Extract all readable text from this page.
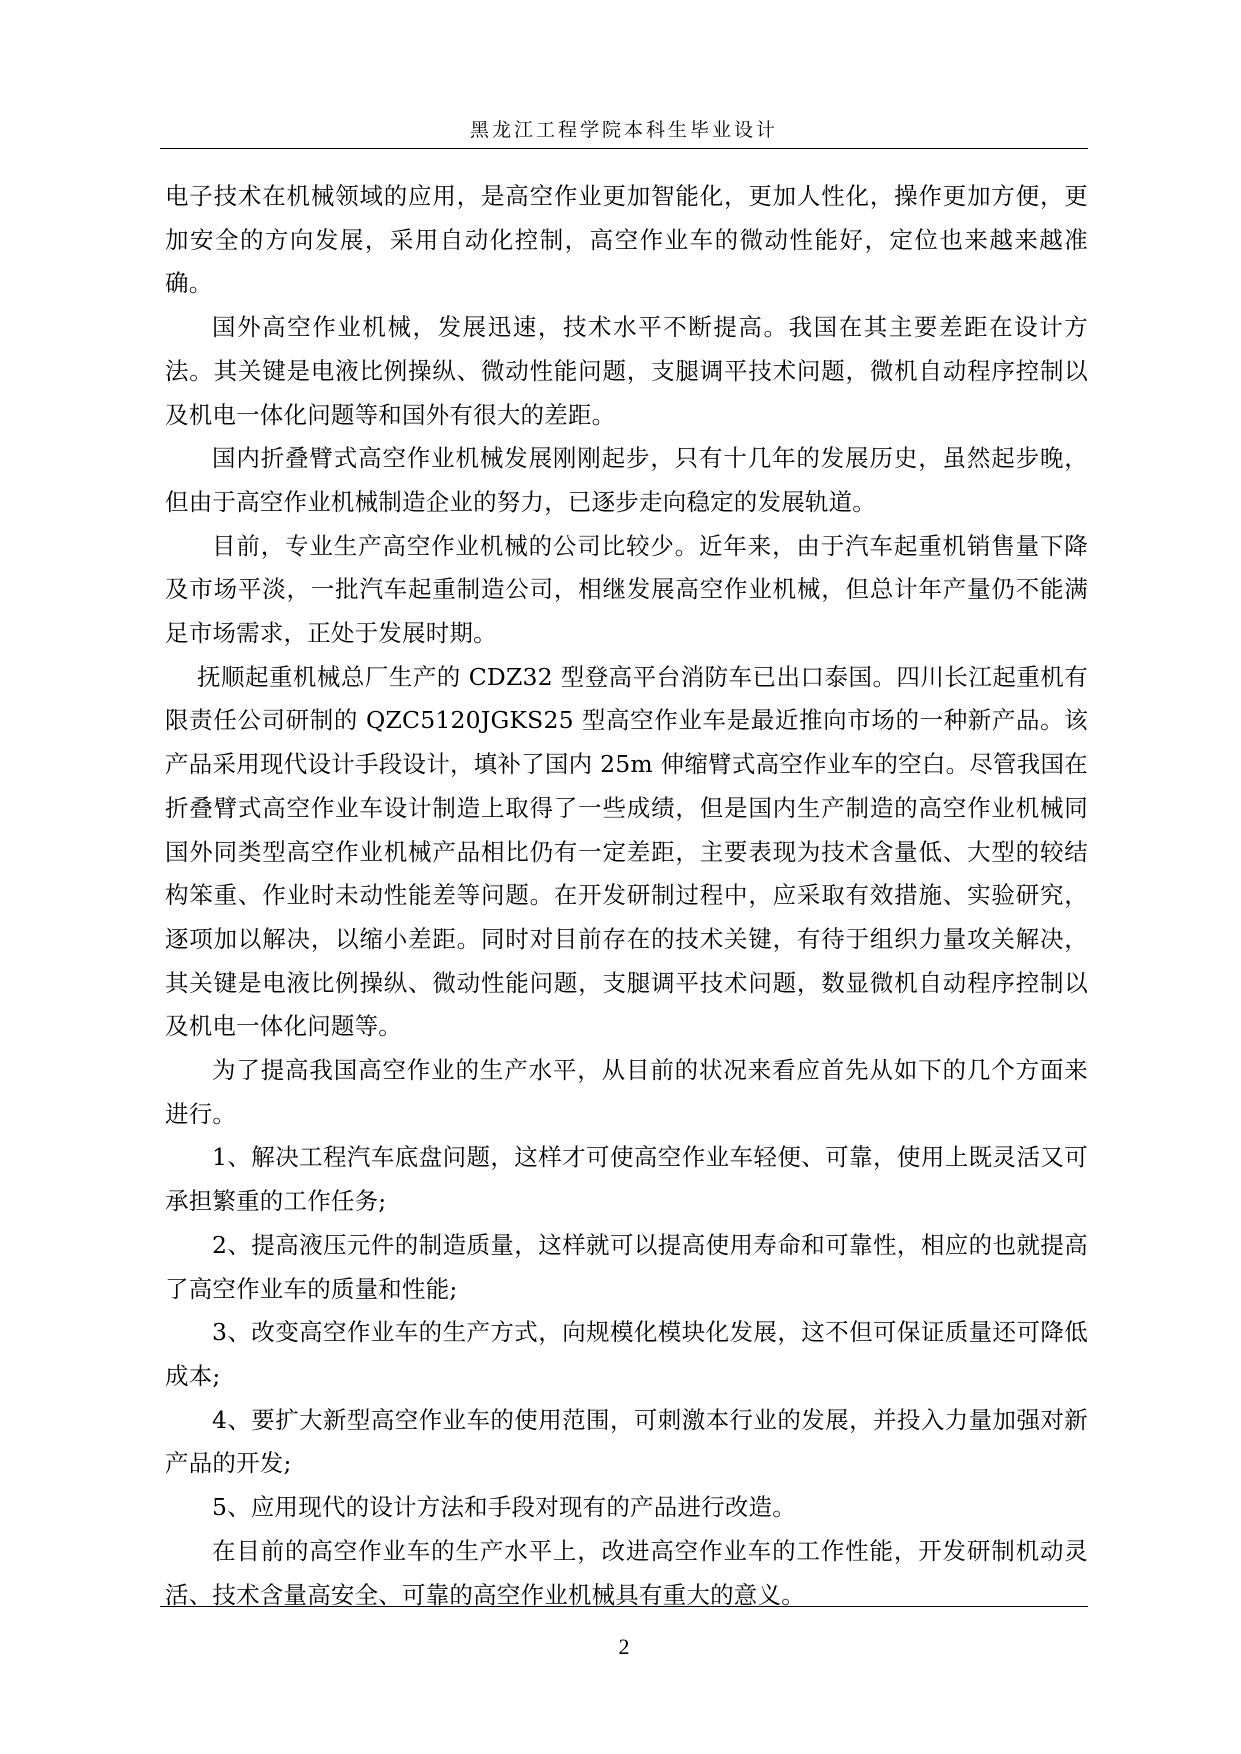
黑龙江工程学院本科生毕业设计

电子技术在机械领域的应用，是高空作业更加智能化，更加人性化，操作更加方便，更加安全的方向发展，采用自动化控制，高空作业车的微动性能好，定位也来越来越准确。

国外高空作业机械，发展迅速，技术水平不断提高。我国在其主要差距在设计方法。其关键是电液比例操纵、微动性能问题，支腿调平技术问题，微机自动程序控制以及机电一体化问题等和国外有很大的差距。

国内折叠臂式高空作业机械发展刚刚起步，只有十几年的发展历史，虽然起步晚，但由于高空作业机械制造企业的努力，已逐步走向稳定的发展轨道。

目前，专业生产高空作业机械的公司比较少。近年来，由于汽车起重机销售量下降及市场平淡，一批汽车起重制造公司，相继发展高空作业机械，但总计年产量仍不能满足市场需求，正处于发展时期。

抚顺起重机械总厂生产的 CDZ32 型登高平台消防车已出口泰国。四川长江起重机有限责任公司研制的 QZC5120JGKS25 型高空作业车是最近推向市场的一种新产品。该产品采用现代设计手段设计，填补了国内 25m 伸缩臂式高空作业车的空白。尽管我国在折叠臂式高空作业车设计制造上取得了一些成绩，但是国内生产制造的高空作业机械同国外同类型高空作业机械产品相比仍有一定差距，主要表现为技术含量低、大型的较结构笨重、作业时未动性能差等问题。在开发研制过程中，应采取有效措施、实验研究，逐项加以解决，以缩小差距。同时对目前存在的技术关键，有待于组织力量攻关解决，其关键是电液比例操纵、微动性能问题，支腿调平技术问题，数显微机自动程序控制以及机电一体化问题等。

为了提高我国高空作业的生产水平，从目前的状况来看应首先从如下的几个方面来进行。

1、解决工程汽车底盘问题，这样才可使高空作业车轻便、可靠，使用上既灵活又可承担繁重的工作任务;

2、提高液压元件的制造质量，这样就可以提高使用寿命和可靠性，相应的也就提高了高空作业车的质量和性能;

3、改变高空作业车的生产方式，向规模化模块化发展，这不但可保证质量还可降低成本;

4、要扩大新型高空作业车的使用范围，可刺激本行业的发展，并投入力量加强对新产品的开发;

5、应用现代的设计方法和手段对现有的产品进行改造。

在目前的高空作业车的生产水平上，改进高空作业车的工作性能，开发研制机动灵活、技术含量高安全、可靠的高空作业机械具有重大的意义。

2
